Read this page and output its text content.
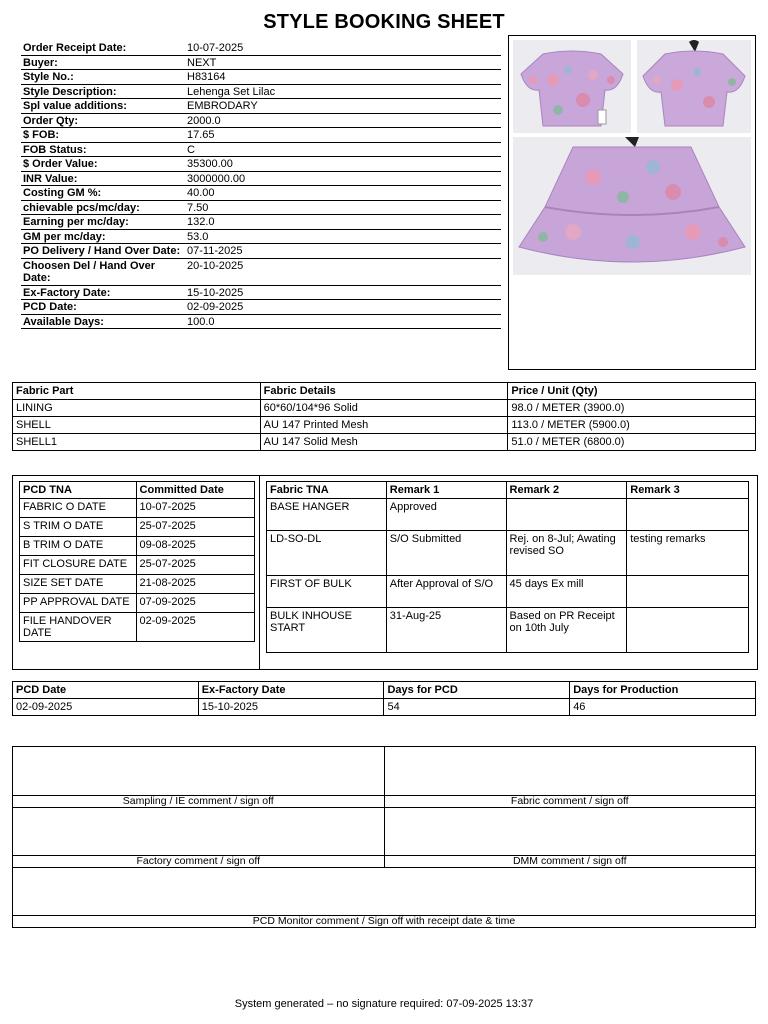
STYLE BOOKING SHEET
Order Receipt Date:	10-07-2025
Buyer:	NEXT
Style No.:	H83164
Style Description:	Lehenga Set Lilac
Spl value additions:	EMBRODARY
Order Qty:	2000.0
$ FOB:	17.65
FOB Status:	C
$ Order Value:	35300.00
INR Value:	3000000.00
Costing GM %:	40.00
chievable pcs/mc/day:	7.50
Earning per mc/day:	132.0
GM per mc/day:	53.0
PO Delivery / Hand Over Date:	07-11-2025
Choosen Del / Hand Over Date:	20-10-2025
Ex-Factory Date:	15-10-2025
PCD Date:	02-09-2025
Available Days:	100.0
Fabric Part	Fabric Details	Price / Unit (Qty)
LINING	60*60/104*96 Solid	98.0 / METER (3900.0)
SHELL	AU 147 Printed Mesh	113.0 / METER (5900.0)
SHELL1	AU 147 Solid Mesh	51.0 / METER (6800.0)
PCD TNA	Committed Date
FABRIC O DATE	10-07-2025
S TRIM O DATE	25-07-2025
B TRIM O DATE	09-08-2025
FIT CLOSURE DATE	25-07-2025
SIZE SET DATE	21-08-2025
PP APPROVAL DATE	07-09-2025
FILE HANDOVER DATE	02-09-2025
Fabric TNA	Remark 1	Remark 2	Remark 3
BASE HANGER	Approved		
LD-SO-DL	S/O Submitted	Rej. on 8-Jul; Awating revised SO	testing remarks
FIRST OF BULK	After Approval of S/O	45 days Ex mill	
BULK INHOUSE START	31-Aug-25	Based on PR Receipt on 10th July	
PCD Date	Ex-Factory Date	Days for PCD	Days for Production
02-09-2025	15-10-2025	54	46

Sampling / IE comment / sign off	Fabric comment / sign off

Factory comment / sign off	DMM comment / sign off

PCD Monitor comment / Sign off with receipt date & time	
System generated – no signature required: 07-09-2025 13:37
